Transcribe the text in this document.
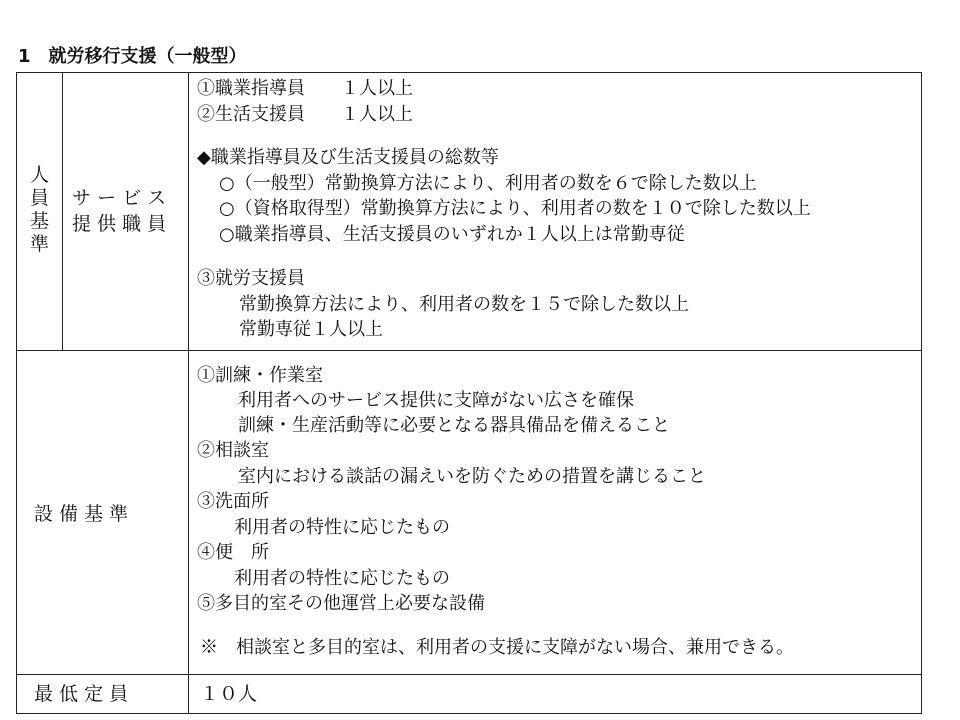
1　就労移行支援（一般型）
人
員
基
準
サ ー ビ ス
提 供 職 員
①職業指導員　　１人以上
②生活支援員　　１人以上
◆職業指導員及び生活支援員の総数等
○（一般型）常勤換算方法により、利用者の数を６で除した数以上
○（資格取得型）常勤換算方法により、利用者の数を１０で除した数以上
○職業指導員、生活支援員のいずれか１人以上は常勤専従
③就労支援員
常勤換算方法により、利用者の数を１５で除した数以上
常勤専従１人以上
設 備 基 準
①訓練・作業室
利用者へのサービス提供に支障がない広さを確保
訓練・生産活動等に必要となる器具備品を備えること
②相談室
室内における談話の漏えいを防ぐための措置を講じること
③洗面所
利用者の特性に応じたもの
④便　所
利用者の特性に応じたもの
⑤多目的室その他運営上必要な設備
※　相談室と多目的室は、利用者の支援に支障がない場合、兼用できる。
最 低 定 員	１０人
